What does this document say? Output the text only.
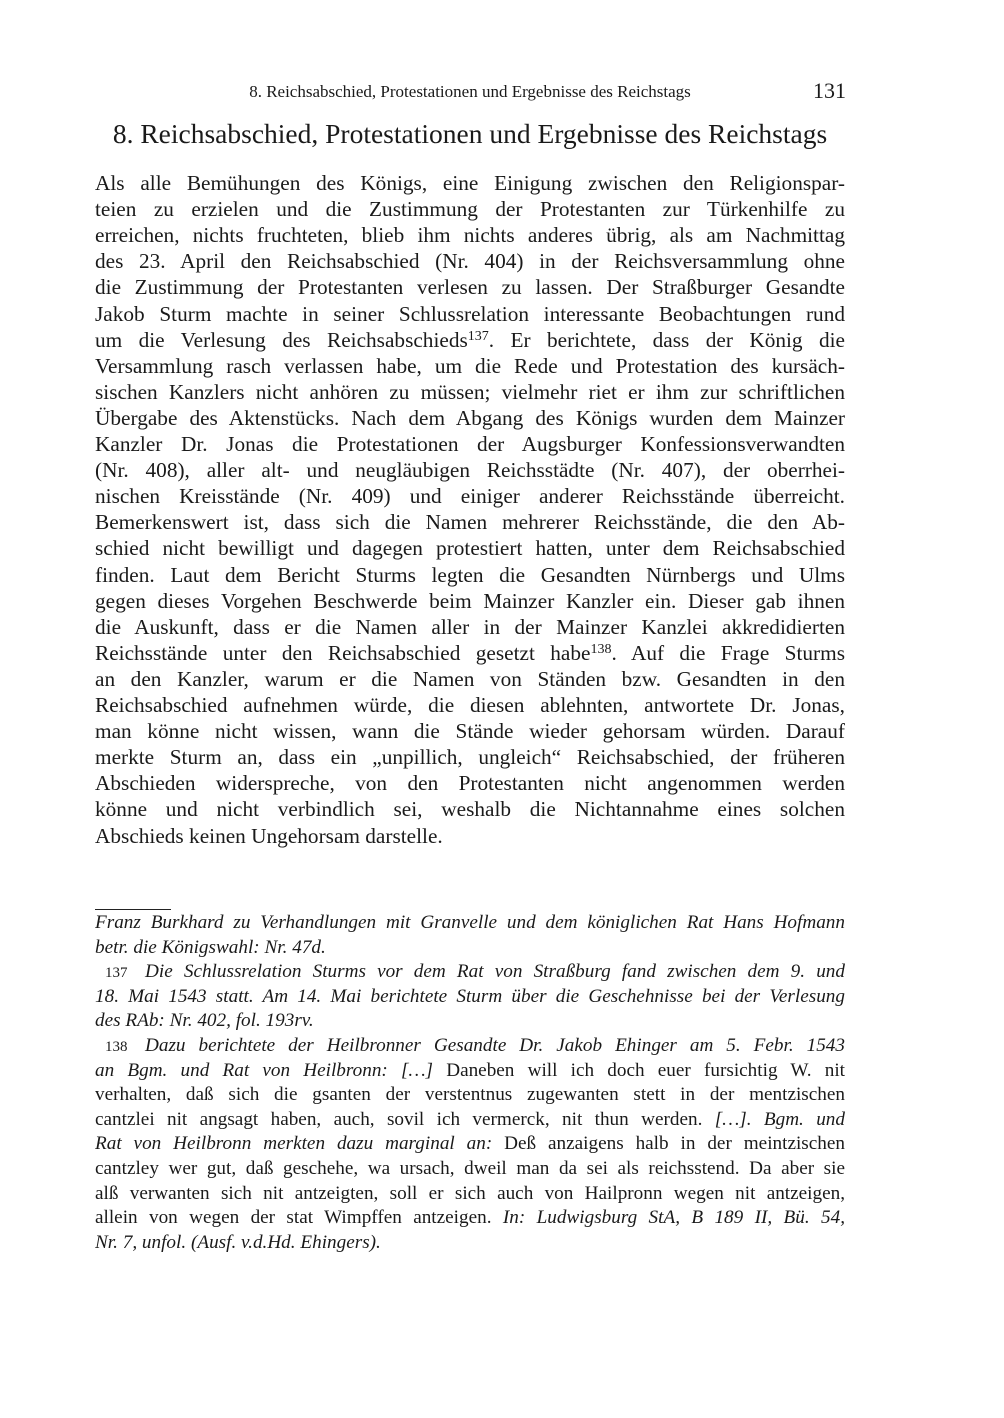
8. Reichsabschied, Protestationen und Ergebnisse des Reichstags	131
8. Reichsabschied, Protestationen und Ergebnisse des Reichstags
Als alle Bemühungen des Königs, eine Einigung zwischen den Religionspar-
teien zu erzielen und die Zustimmung der Protestanten zur Türkenhilfe zu
erreichen, nichts fruchteten, blieb ihm nichts anderes übrig, als am Nachmittag
des 23. April den Reichsabschied (Nr. 404) in der Reichsversammlung ohne
die Zustimmung der Protestanten verlesen zu lassen. Der Straßburger Gesandte
Jakob Sturm machte in seiner Schlussrelation interessante Beobachtungen rund
um die Verlesung des Reichsabschieds$^{137}$. Er berichtete, dass der König die
Versammlung rasch verlassen habe, um die Rede und Protestation des kursäch-
sischen Kanzlers nicht anhören zu müssen; vielmehr riet er ihm zur schriftlichen
Übergabe des Aktenstücks. Nach dem Abgang des Königs wurden dem Mainzer
Kanzler Dr. Jonas die Protestationen der Augsburger Konfessionsverwandten
(Nr. 408), aller alt- und neugläubigen Reichsstädte (Nr. 407), der oberrhei-
nischen Kreisstände (Nr. 409) und einiger anderer Reichsstände überreicht.
Bemerkenswert ist, dass sich die Namen mehrerer Reichsstände, die den Ab-
schied nicht bewilligt und dagegen protestiert hatten, unter dem Reichsabschied
finden. Laut dem Bericht Sturms legten die Gesandten Nürnbergs und Ulms
gegen dieses Vorgehen Beschwerde beim Mainzer Kanzler ein. Dieser gab ihnen
die Auskunft, dass er die Namen aller in der Mainzer Kanzlei akkredidierten
Reichsstände unter den Reichsabschied gesetzt habe$^{138}$. Auf die Frage Sturms
an den Kanzler, warum er die Namen von Ständen bzw. Gesandten in den
Reichsabschied aufnehmen würde, die diesen ablehnten, antwortete Dr. Jonas,
man könne nicht wissen, wann die Stände wieder gehorsam würden. Darauf
merkte Sturm an, dass ein „unpillich, ungleich“ Reichsabschied, der früheren
Abschieden widerspreche, von den Protestanten nicht angenommen werden
könne und nicht verbindlich sei, weshalb die Nichtannahme eines solchen
Abschieds keinen Ungehorsam darstelle.
Franz Burkhard zu Verhandlungen mit Granvelle und dem königlichen Rat Hans Hofmann
betr. die Königswahl: Nr. 47d.
137 Die Schlussrelation Sturms vor dem Rat von Straßburg fand zwischen dem 9. und
18. Mai 1543 statt. Am 14. Mai berichtete Sturm über die Geschehnisse bei der Verlesung
des RAb: Nr. 402, fol. 193rv.
138 Dazu berichtete der Heilbronner Gesandte Dr. Jakob Ehinger am 5. Febr. 1543
an Bgm. und Rat von Heilbronn: […] Daneben will ich doch euer fursichtig W. nit
verhalten, daß sich die gsanten der verstentnus zugewanten stett in der mentzischen
cantzlei nit angsagt haben, auch, sovil ich vermerck, nit thun werden. […]. Bgm. und
Rat von Heilbronn merkten dazu marginal an: Deß anzaigens halb in der meintzischen
cantzley wer gut, daß geschehe, wa ursach, dweil man da sei als reichsstend. Da aber sie
alß verwanten sich nit antzeigten, soll er sich auch von Hailpronn wegen nit antzeigen,
allein von wegen der stat Wimpffen antzeigen. In: Ludwigsburg StA, B 189 II, Bü. 54,
Nr. 7, unfol. (Ausf. v.d.Hd. Ehingers).
